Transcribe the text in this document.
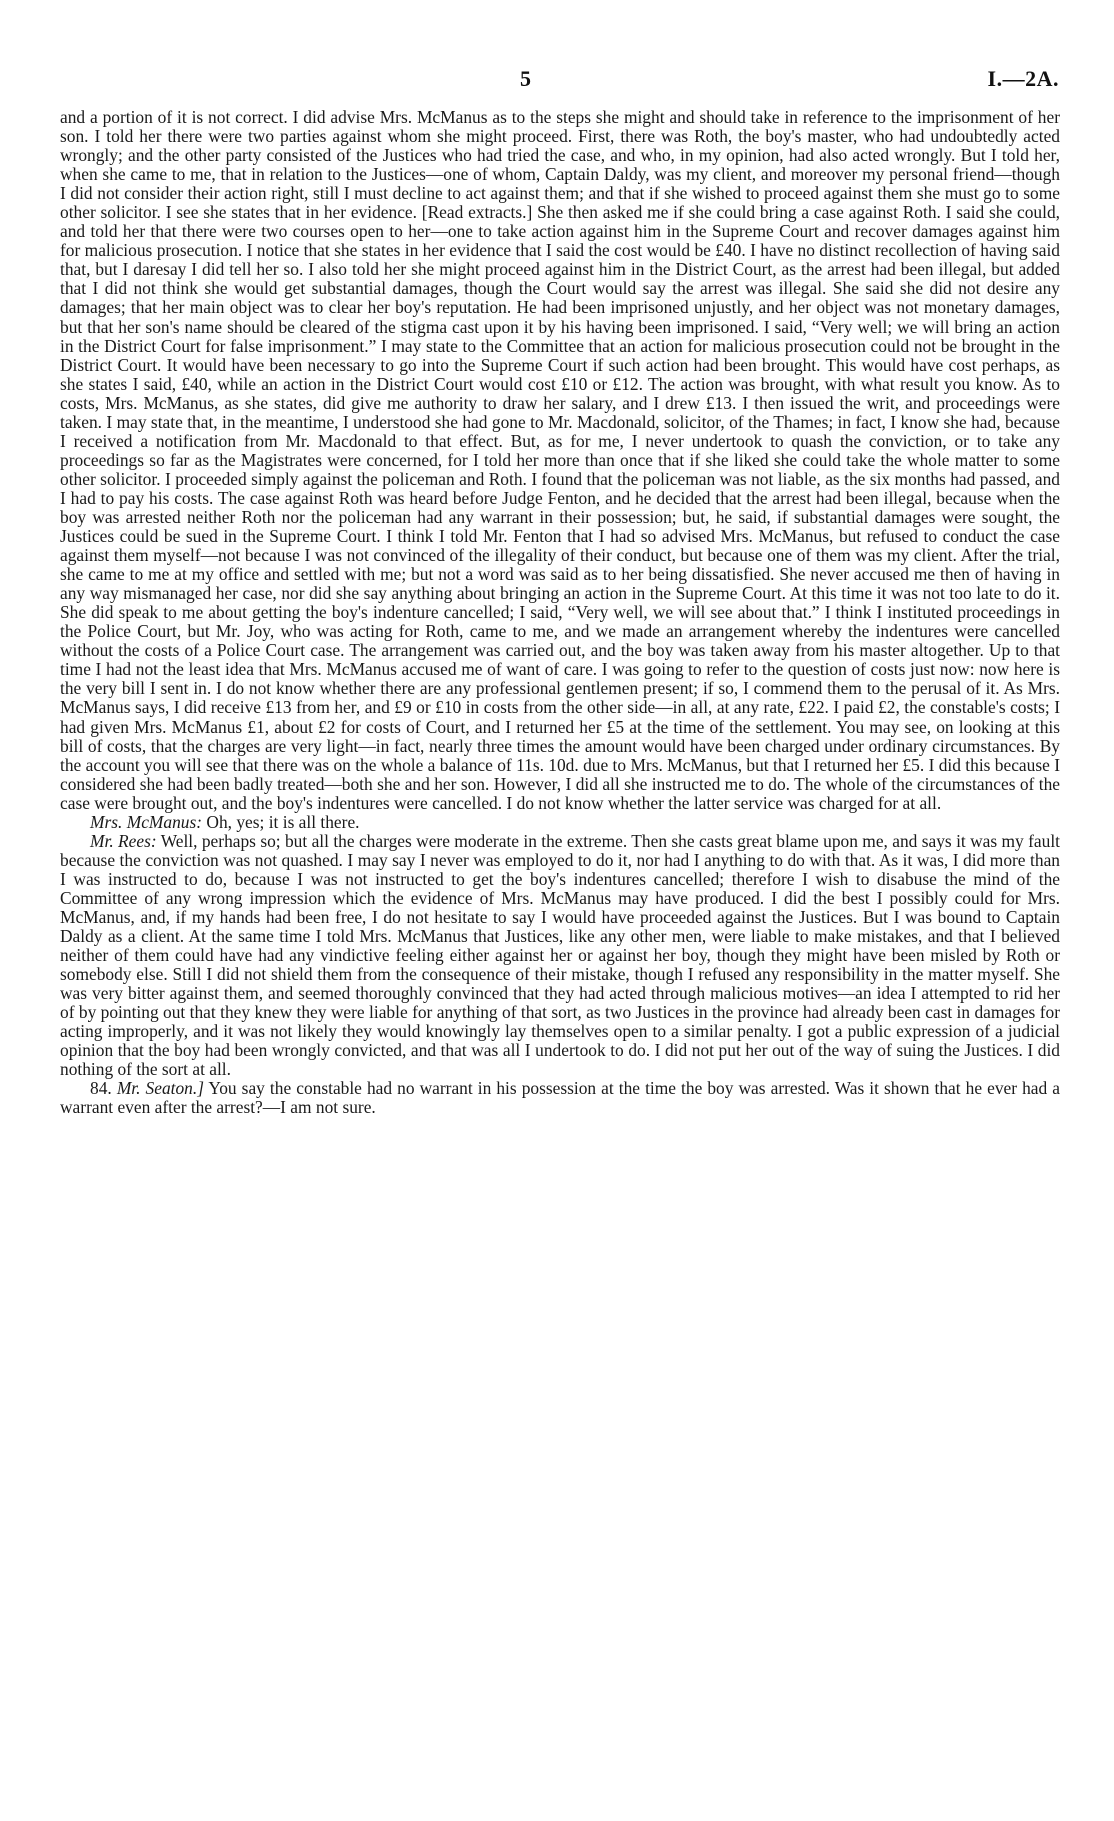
5	I.—2A.

and a portion of it is not correct. I did advise Mrs. McManus as to the steps she might and should take in reference to the imprisonment of her son. I told her there were two parties against whom she might proceed. First, there was Roth, the boy's master, who had undoubtedly acted wrongly; and the other party consisted of the Justices who had tried the case, and who, in my opinion, had also acted wrongly. But I told her, when she came to me, that in relation to the Justices—one of whom, Captain Daldy, was my client, and moreover my personal friend—though I did not consider their action right, still I must decline to act against them; and that if she wished to proceed against them she must go to some other solicitor. I see she states that in her evidence. [Read extracts.] She then asked me if she could bring a case against Roth. I said she could, and told her that there were two courses open to her—one to take action against him in the Supreme Court and recover damages against him for malicious prosecution. I notice that she states in her evidence that I said the cost would be £40. I have no distinct recollection of having said that, but I daresay I did tell her so. I also told her she might proceed against him in the District Court, as the arrest had been illegal, but added that I did not think she would get substantial damages, though the Court would say the arrest was illegal. She said she did not desire any damages; that her main object was to clear her boy's reputation. He had been imprisoned unjustly, and her object was not monetary damages, but that her son's name should be cleared of the stigma cast upon it by his having been imprisoned. I said, “Very well; we will bring an action in the District Court for false imprisonment.” I may state to the Committee that an action for malicious prosecution could not be brought in the District Court. It would have been necessary to go into the Supreme Court if such action had been brought. This would have cost perhaps, as she states I said, £40, while an action in the District Court would cost £10 or £12. The action was brought, with what result you know. As to costs, Mrs. McManus, as she states, did give me authority to draw her salary, and I drew £13. I then issued the writ, and proceedings were taken. I may state that, in the meantime, I understood she had gone to Mr. Macdonald, solicitor, of the Thames; in fact, I know she had, because I received a notification from Mr. Macdonald to that effect. But, as for me, I never undertook to quash the conviction, or to take any proceedings so far as the Magistrates were concerned, for I told her more than once that if she liked she could take the whole matter to some other solicitor. I proceeded simply against the policeman and Roth. I found that the policeman was not liable, as the six months had passed, and I had to pay his costs. The case against Roth was heard before Judge Fenton, and he decided that the arrest had been illegal, because when the boy was arrested neither Roth nor the policeman had any warrant in their possession; but, he said, if substantial damages were sought, the Justices could be sued in the Supreme Court. I think I told Mr. Fenton that I had so advised Mrs. McManus, but refused to conduct the case against them myself—not because I was not convinced of the illegality of their conduct, but because one of them was my client. After the trial, she came to me at my office and settled with me; but not a word was said as to her being dissatisfied. She never accused me then of having in any way mismanaged her case, nor did she say anything about bringing an action in the Supreme Court. At this time it was not too late to do it. She did speak to me about getting the boy's indenture cancelled; I said, “Very well, we will see about that.” I think I instituted proceedings in the Police Court, but Mr. Joy, who was acting for Roth, came to me, and we made an arrangement whereby the indentures were cancelled without the costs of a Police Court case. The arrangement was carried out, and the boy was taken away from his master altogether. Up to that time I had not the least idea that Mrs. McManus accused me of want of care. I was going to refer to the question of costs just now: now here is the very bill I sent in. I do not know whether there are any professional gentlemen present; if so, I commend them to the perusal of it. As Mrs. McManus says, I did receive £13 from her, and £9 or £10 in costs from the other side—in all, at any rate, £22. I paid £2, the constable's costs; I had given Mrs. McManus £1, about £2 for costs of Court, and I returned her £5 at the time of the settlement. You may see, on looking at this bill of costs, that the charges are very light—in fact, nearly three times the amount would have been charged under ordinary circumstances. By the account you will see that there was on the whole a balance of 11s. 10d. due to Mrs. McManus, but that I returned her £5. I did this because I considered she had been badly treated—both she and her son. However, I did all she instructed me to do. The whole of the circumstances of the case were brought out, and the boy's indentures were cancelled. I do not know whether the latter service was charged for at all.

Mrs. McManus: Oh, yes; it is all there.

Mr. Rees: Well, perhaps so; but all the charges were moderate in the extreme. Then she casts great blame upon me, and says it was my fault because the conviction was not quashed. I may say I never was employed to do it, nor had I anything to do with that. As it was, I did more than I was instructed to do, because I was not instructed to get the boy's indentures cancelled; therefore I wish to disabuse the mind of the Committee of any wrong impression which the evidence of Mrs. McManus may have produced. I did the best I possibly could for Mrs. McManus, and, if my hands had been free, I do not hesitate to say I would have proceeded against the Justices. But I was bound to Captain Daldy as a client. At the same time I told Mrs. McManus that Justices, like any other men, were liable to make mistakes, and that I believed neither of them could have had any vindictive feeling either against her or against her boy, though they might have been misled by Roth or somebody else. Still I did not shield them from the consequence of their mistake, though I refused any responsibility in the matter myself. She was very bitter against them, and seemed thoroughly convinced that they had acted through malicious motives—an idea I attempted to rid her of by pointing out that they knew they were liable for anything of that sort, as two Justices in the province had already been cast in damages for acting improperly, and it was not likely they would knowingly lay themselves open to a similar penalty. I got a public expression of a judicial opinion that the boy had been wrongly convicted, and that was all I undertook to do. I did not put her out of the way of suing the Justices. I did nothing of the sort at all.

84. Mr. Seaton.] You say the constable had no warrant in his possession at the time the boy was arrested. Was it shown that he ever had a warrant even after the arrest?—I am not sure.
